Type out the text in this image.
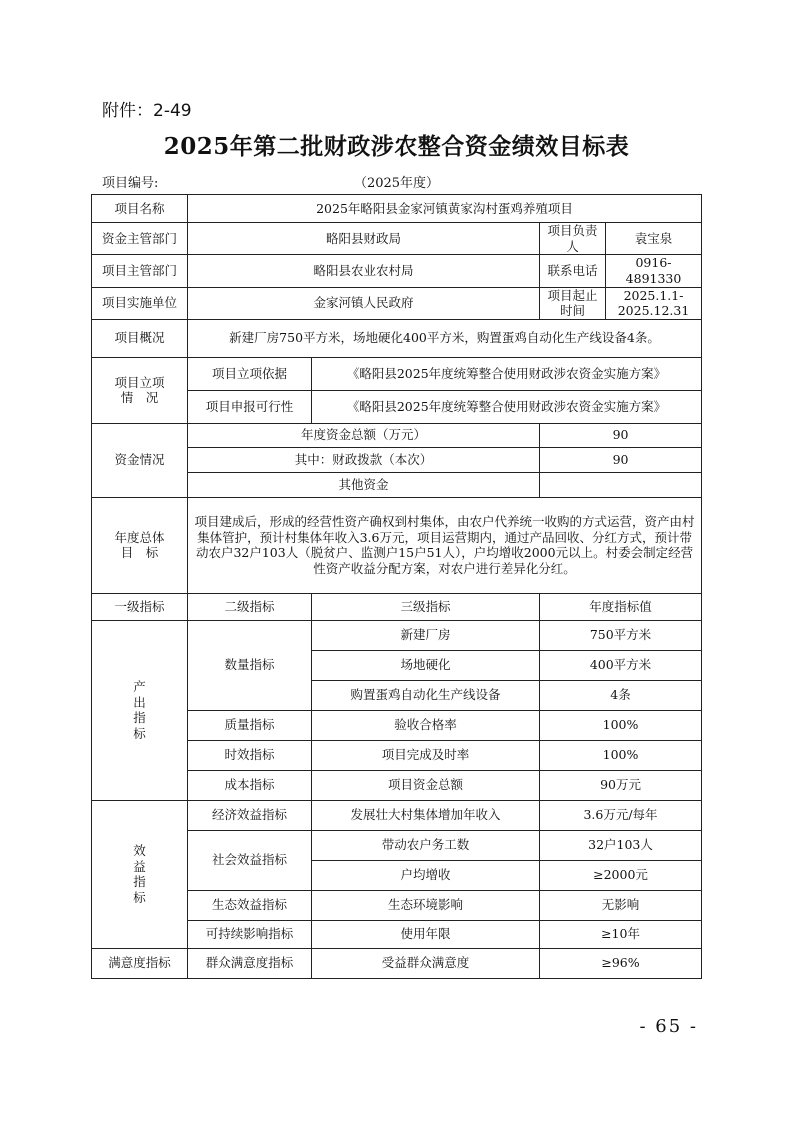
附件：2-49
2025年第二批财政涉农整合资金绩效目标表
项目编号:	（2025年度）
项目名称	2025年略阳县金家河镇黄家沟村蛋鸡养殖项目			
资金主管部门	略阳县财政局		项目负责人	袁宝泉
项目主管部门	略阳县农业农村局		联系电话	0916-4891330
项目实施单位	金家河镇人民政府		项目起止时间	2025.1.1-2025.12.31
项目概况	新建厂房750平方米，场地硬化400平方米，购置蛋鸡自动化生产线设备4条。			

项目立项
情　况	项目立项依据	《略阳县2025年度统筹整合使用财政涉农资金实施方案》		
	项目申报可行性	《略阳县2025年度统筹整合使用财政涉农资金实施方案》		
资金情况	年度资金总额（万元）		90	
	其中：财政拨款（本次）		90	
	其他资金			

年度总体
目　标	项目建成后，形成的经营性资产确权到村集体，由农户代养统一收购的方式运营，资产由村集体管护，预计村集体年收入3.6万元，项目运营期内，通过产品回收、分红方式，预计带动农户32户103人（脱贫户、监测户15户51人），户均增收2000元以上。村委会制定经营性资产收益分配方案，对农户进行差异化分红。			
一级指标	二级指标	三级指标	年度指标值	

产
出
指
标	数量指标	新建厂房	750平方米	
		场地硬化	400平方米	
		购置蛋鸡自动化生产线设备	4条	
	质量指标	验收合格率	100%	
	时效指标	项目完成及时率	100%	
	成本指标	项目资金总额	90万元	

效
益
指
标	经济效益指标	发展壮大村集体增加年收入	3.6万元/每年	
	社会效益指标	带动农户务工数	32户103人	
		户均增收	≥2000元	
	生态效益指标	生态环境影响	无影响	
	可持续影响指标	使用年限	≥10年	
满意度指标	群众满意度指标	受益群众满意度	≥96%	
- 65 -
